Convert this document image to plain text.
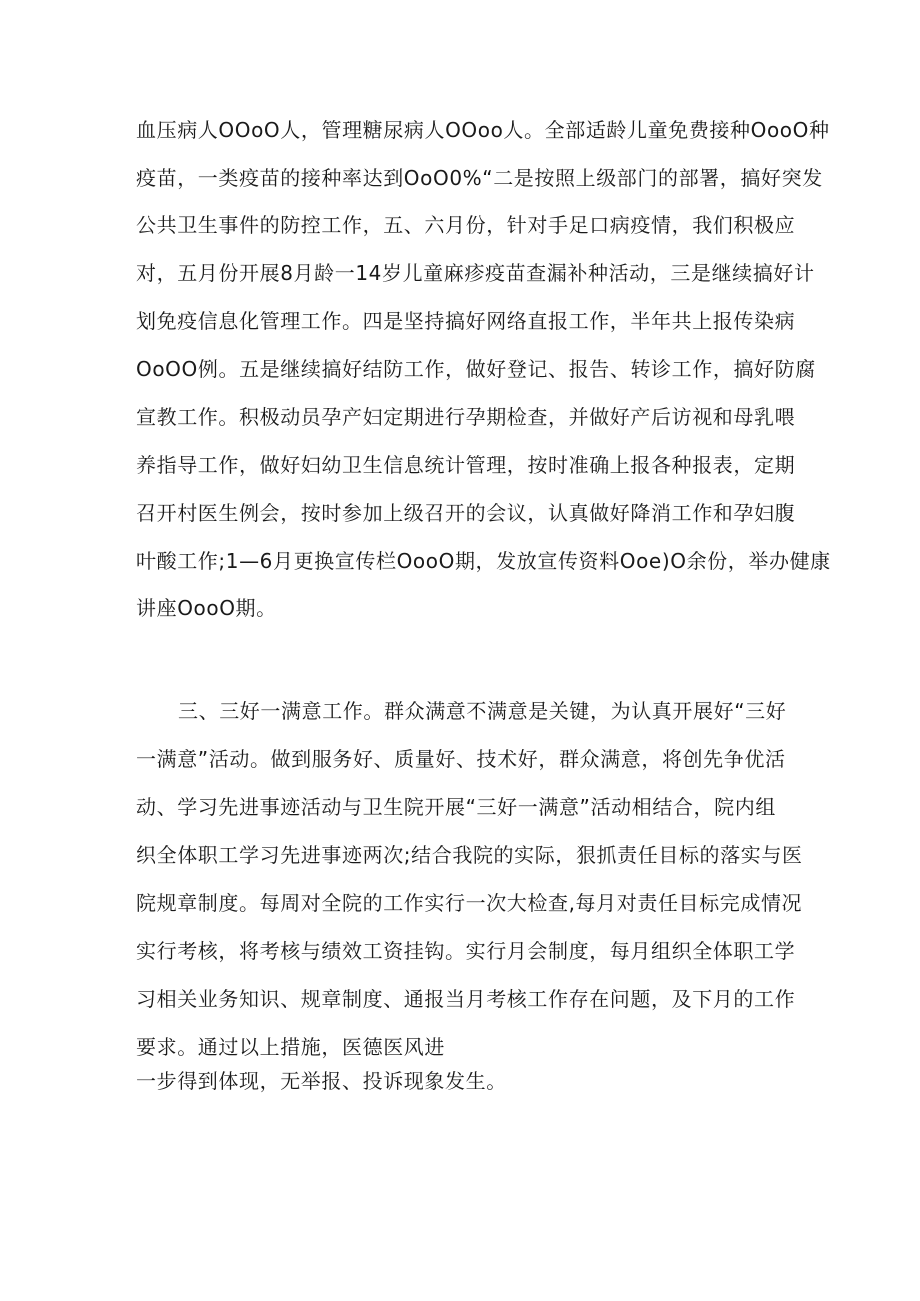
血压病人OOoO人，管理糖尿病人OOoo人。全部适龄儿童免费接种OooO种
疫苗，一类疫苗的接种率达到OoO0%“二是按照上级部门的部署，搞好突发
公共卫生事件的防控工作，五、六月份，针对手足口病疫情，我们积极应
对，五月份开展8月龄一14岁儿童麻疹疫苗查漏补种活动，三是继续搞好计
划免疫信息化管理工作。四是坚持搞好网络直报工作，半年共上报传染病
OoOO例。五是继续搞好结防工作，做好登记、报告、转诊工作，搞好防腐
宣教工作。积极动员孕产妇定期进行孕期检查，并做好产后访视和母乳喂
养指导工作，做好妇幼卫生信息统计管理，按时准确上报各种报表，定期
召开村医生例会，按时参加上级召开的会议，认真做好降消工作和孕妇腹
叶酸工作;1—6月更换宣传栏OooO期，发放宣传资料Ooe)O余份，举办健康
讲座OooO期。
三、三好一满意工作。群众满意不满意是关键，为认真开展好“三好
一满意”活动。做到服务好、质量好、技术好，群众满意，将创先争优活
动、学习先进事迹活动与卫生院开展“三好一满意”活动相结合，院内组
织全体职工学习先进事迹两次;结合我院的实际，狠抓责任目标的落实与医
院规章制度。每周对全院的工作实行一次大检查,每月对责任目标完成情况
实行考核，将考核与绩效工资挂钩。实行月会制度，每月组织全体职工学
习相关业务知识、规章制度、通报当月考核工作存在问题，及下月的工作
要求。通过以上措施，医德医风进
一步得到体现，无举报、投诉现象发生。
